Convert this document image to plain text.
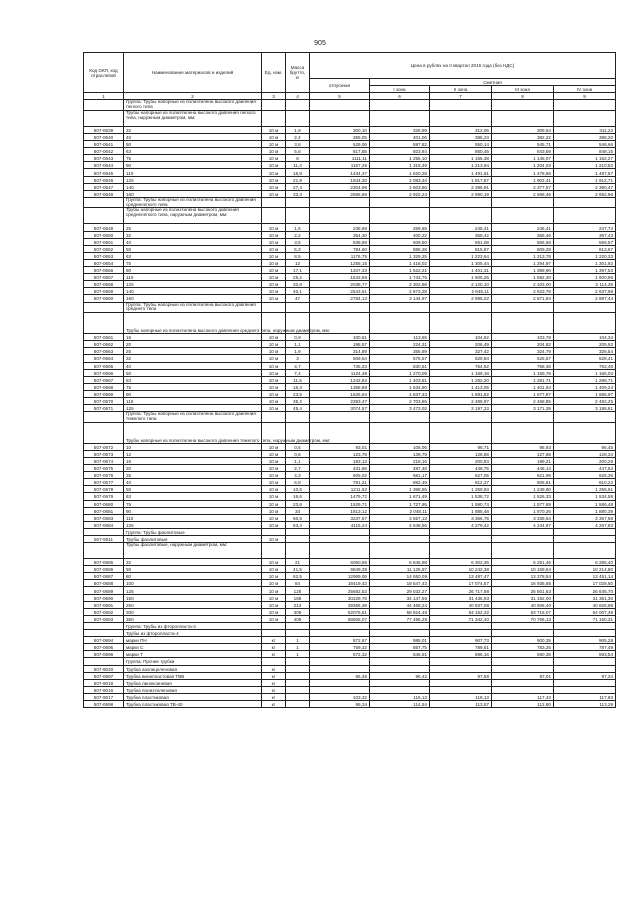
905
Код ОКП, код отраслевой	Наименование материалов и изделий	Ед. изм.	Масса брутто, кг	Цена в рублях на II квартал 2016 года (без НДС)				
				отпускная	Сметная			
					I зона	II зона	III зона	IV зона
1	2	3	4	5	6	7	8	9
	Группа: Трубы напорные из полиэтилена высокого давления легкого типа							
	Трубы напорные из полиэтилена высокого давления легкого типа, наружным диаметром, мм:							
507-0639	32	10 м	1,9	300,10	328,99	312,06	309,54	311,22
507-0640	40	10 м	2,4	365,05	401,06	386,23	382,22	388,20
507-0641	50	10 м	3,6	529,06	597,82	550,14	545,71	546,66
507-0642	63	10 м	5,8	817,85	923,64	850,45	843,59	848,15
507-0643	75	10 м	8	1111,11	1 255,10	1 155,38	1 146,07	1 152,27
507-0644	90	10 м	11,4	1167,25	1 318,49	1 213,94	1 204,03	1 210,52
507-0645	110	10 м	16,8	1434,37	1 620,28	1 491,61	1 478,56	1 487,57
507-0646	125	10 м	21,9	1844,30	2 083,34	1 917,87	1 902,41	1 912,71
507-0647	140	10 м	27,4	2304,96	2 603,66	2 396,91	2 377,57	2 390,47
507-0648	160	10 м	33,3	2586,96	2 922,24	2 690,19	2 668,46	2 682,96
	Группа: Трубы напорные из полиэтилена высокого давления среднелегкого типа							
	Трубы напорные из полиэтилена высокого давления среднелегкого типа, наружным диаметром, мм:							
507-0649	25	10 м	1,5	238,69	269,65	248,41	246,41	247,74
507-0650	32	10 м	2,2	354,30	400,22	368,42	365,46	367,43
507-0651	40	10 м	3,5	539,58	609,50	561,08	556,58	559,57
507-0652	50	10 м	5,3	784,60	886,28	815,87	809,28	813,67
507-0653	63	10 м	8,5	1176,75	1 329,25	1 223,64	1 213,78	1 220,33
507-0654	75	10 м	12	1255,15	1 418,02	1 305,44	1 294,97	1 301,92
507-0656	90	10 м	17,1	1347,33	1 522,21	1 401,31	1 389,90	1 397,53
507-0657	110	10 м	25,2	1543,69	1 743,75	1 605,26	1 592,30	1 600,96
507-0658	125	10 м	32,8	2038,77	2 302,98	2 120,10	2 103,00	2 114,39
507-0659	140	10 м	40,1	2543,61	2 873,28	2 645,11	2 623,76	2 637,98
507-0660	160	10 м	47	2784,13	3 144,97	2 895,22	2 871,84	2 887,44
	Группа: Трубы напорные из полиэтилена высокого давления среднего типа							
	Трубы напорные из полиэтилена высокого давления среднего типа, наружным диаметром, мм:							
507-0661	16	10 м	0,9	100,61	113,65	104,62	103,78	104,34
507-0662	20	10 м	1,1	198,57	224,31	206,49	204,82	205,93
507-0663	25	10 м	1,9	314,89	355,69	327,42	324,79	326,54
507-0664	32	10 м	3	509,54	575,57	529,84	525,57	528,41
507-0665	40	10 м	4,7	735,23	830,51	764,52	758,36	762,46
507-0666	50	10 м	7,4	1124,38	1 270,09	1 169,18	1 159,76	1 166,03
507-0667	63	10 м	11,5	1242,62	1 403,51	1 292,20	1 281,71	1 288,71
507-0668	75	10 м	16,3	1358,88	1 534,90	1 413,05	1 401,64	1 409,24
507-0669	90	10 м	23,5	1626,64	1 837,43	1 691,52	1 677,87	1 686,97
507-0670	110	10 м	35,2	2393,47	2 703,65	2 488,97	2 468,85	2 482,25
507-0671	125	10 м	45,4	3074,57	3 473,02	3 197,23	3 171,39	3 188,61
	Группа: Трубы напорные из полиэтилена высокого давления тяжелого типа							
	Трубы напорные из полиэтилена высокого давления тяжелого типа, наружным диаметром, мм:							
507-0672	10	10 м	0,5	93,01	105,06	96,71	95,93	96,45
507-0673	12	10 м	0,6	123,78	139,79	128,66	127,65	128,34
507-0674	16	10 м	1,1	193,13	218,16	200,83	199,21	200,29
507-0675	20	10 м	2,7	431,56	487,48	448,75	445,14	447,54
507-0676	25	10 м	4,3	605,02	681,17	627,05	621,99	625,36
507-0677	40	10 м	6,8	781,21	882,49	812,37	805,81	810,22
507-0678	50	10 м	10,6	1211,62	1 368,65	1 259,93	1 249,80	1 256,61
507-0679	63	10 м	16,6	1479,72	1 671,49	1 538,72	1 526,33	1 534,58
507-0680	75	10 м	23,6	1529,71	1 727,95	1 590,74	1 577,89	1 586,48
507-0681	90	10 м	34	1813,12	2 048,11	1 885,48	1 870,26	1 880,39
507-0683	110	10 м	50,5	3237,57	3 657,13	3 366,75	3 339,54	3 357,68
507-0684	125	10 м	63,4	4115,24	4 648,56	4 279,42	4 244,87	4 267,83
	Группа: Трубы фаолитовые							
507-9011	Трубы фаолитовые	10 м						
	Трубы фаолитовые, наружным диаметром, мм:							
507-0685	32	10 м	21	6060,56	6 845,98	6 302,36	6 251,46	6 285,40
507-0686	50	10 м	41,5	9849,38	11 125,87	10 242,38	10 159,64	10 214,80
507-0687	80	10 м	62,5	12969,06	14 650,09	13 487,47	13 378,54	13 451,14
507-0688	100	10 м	84	16419,43	18 547,43	17 074,57	16 936,66	17 028,60
507-0689	125	10 м	125	25682,53	29 032,27	26 717,88	26 501,83	26 645,70
507-0690	150	10 м	168	30229,76	34 147,55	31 435,93	31 182,00	31 351,30
507-0691	250	10 м	213	39366,38	44 468,24	40 937,08	40 606,40	40 826,88
507-0692	300	10 м	305	52075,51	58 824,48	54 152,32	53 715,07	54 007,49
507-0693	350	10 м	405	68605,07	77 496,28	71 342,40	70 766,13	71 150,31
	Группа: Трубы из фторопласта-4							
	Трубы из фторопласта-4							
507-0694	марки ПН	кг	1	872,67	985,01	907,73	900,35	905,28
507-0695	марки С	кг	1	759,32	857,75	789,61	783,25	787,49
507-0696	марки Т	кг	1	572,32	646,51	595,16	590,36	593,54
	Группа: Прочие трубки							
507-9020	Трубка азолицеленовая	кг						
507-0697	Трубка винипластовая ТВВ	кг		85,36	96,42	97,59	97,01	97,34
507-9018	Трубка линоксиновая	кг						
507-9016	Трубка полиэтиленовая	кг						
507-9017	Трубка пластиковая	кг		103,32	116,13	118,13	117,43	117,83
507-0698	Трубка пластиковая ТВ-40	кг		99,34	114,54	113,57	112,90	113,29
